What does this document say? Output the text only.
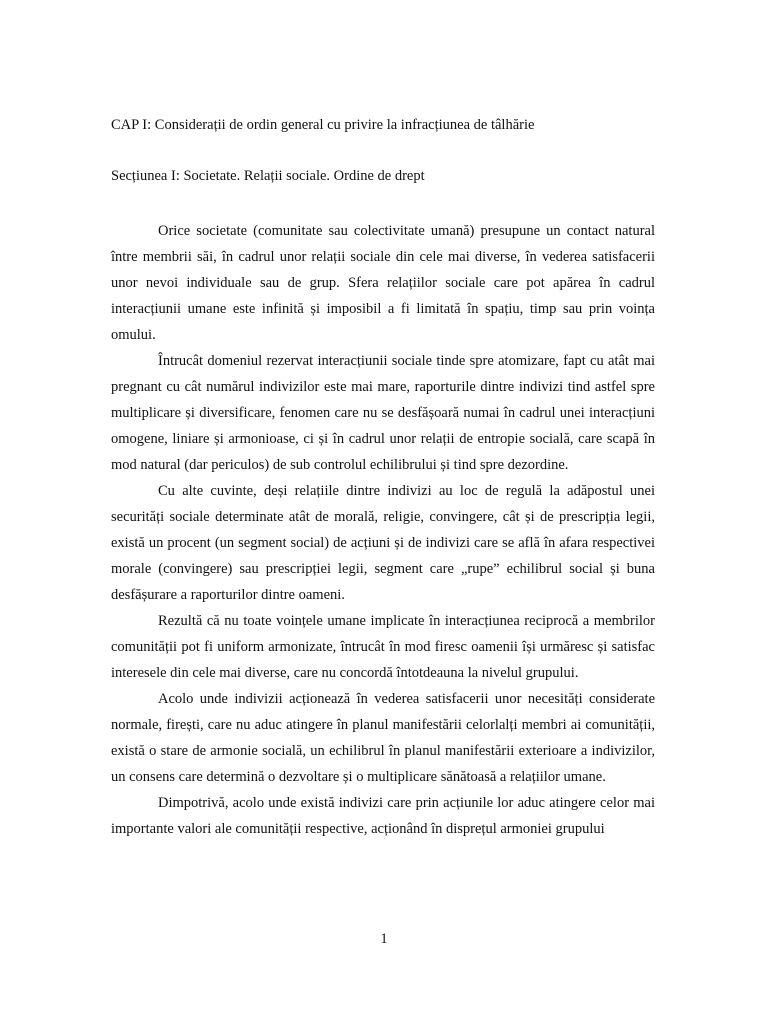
CAP I: Considerații de ordin general cu privire la infracțiunea de tâlhărie

Secțiunea I: Societate. Relații sociale. Ordine de drept

Orice societate (comunitate sau colectivitate umană) presupune un contact natural între membrii săi, în cadrul unor relații sociale din cele mai diverse, în vederea satisfacerii unor nevoi individuale sau de grup. Sfera relațiilor sociale care pot apărea în cadrul interacțiunii umane este infinită și imposibil a fi limitată în spațiu, timp sau prin voința omului.

Întrucât domeniul rezervat interacțiunii sociale tinde spre atomizare, fapt cu atât mai pregnant cu cât numărul indivizilor este mai mare, raporturile dintre indivizi tind astfel spre multiplicare și diversificare, fenomen care nu se desfășoară numai în cadrul unei interacțiuni omogene, liniare și armonioase, ci și în cadrul unor relații de entropie socială, care scapă în mod natural (dar periculos) de sub controlul echilibrului și tind spre dezordine.

Cu alte cuvinte, deși relațiile dintre indivizi au loc de regulă la adăpostul unei securități sociale determinate atât de morală, religie, convingere, cât și de prescripția legii, există un procent (un segment social) de acțiuni și de indivizi care se află în afara respectivei morale (convingere) sau prescripției legii, segment care „rupe” echilibrul social și buna desfășurare a raporturilor dintre oameni.

Rezultă că nu toate voințele umane implicate în interacțiunea reciprocă a membrilor comunității pot fi uniform armonizate, întrucât în mod firesc oamenii își urmăresc și satisfac interesele din cele mai diverse, care nu concordă întotdeauna la nivelul grupului.

Acolo unde indivizii acționează în vederea satisfacerii unor necesități considerate normale, firești, care nu aduc atingere în planul manifestării celorlalți membri ai comunității, există o stare de armonie socială, un echilibrul în planul manifestării exterioare a indivizilor, un consens care determină o dezvoltare și o multiplicare sănătoasă a relațiilor umane.

Dimpotrivă, acolo unde există indivizi care prin acțiunile lor aduc atingere celor mai importante valori ale comunității respective, acționând în disprețul armoniei grupului

1
